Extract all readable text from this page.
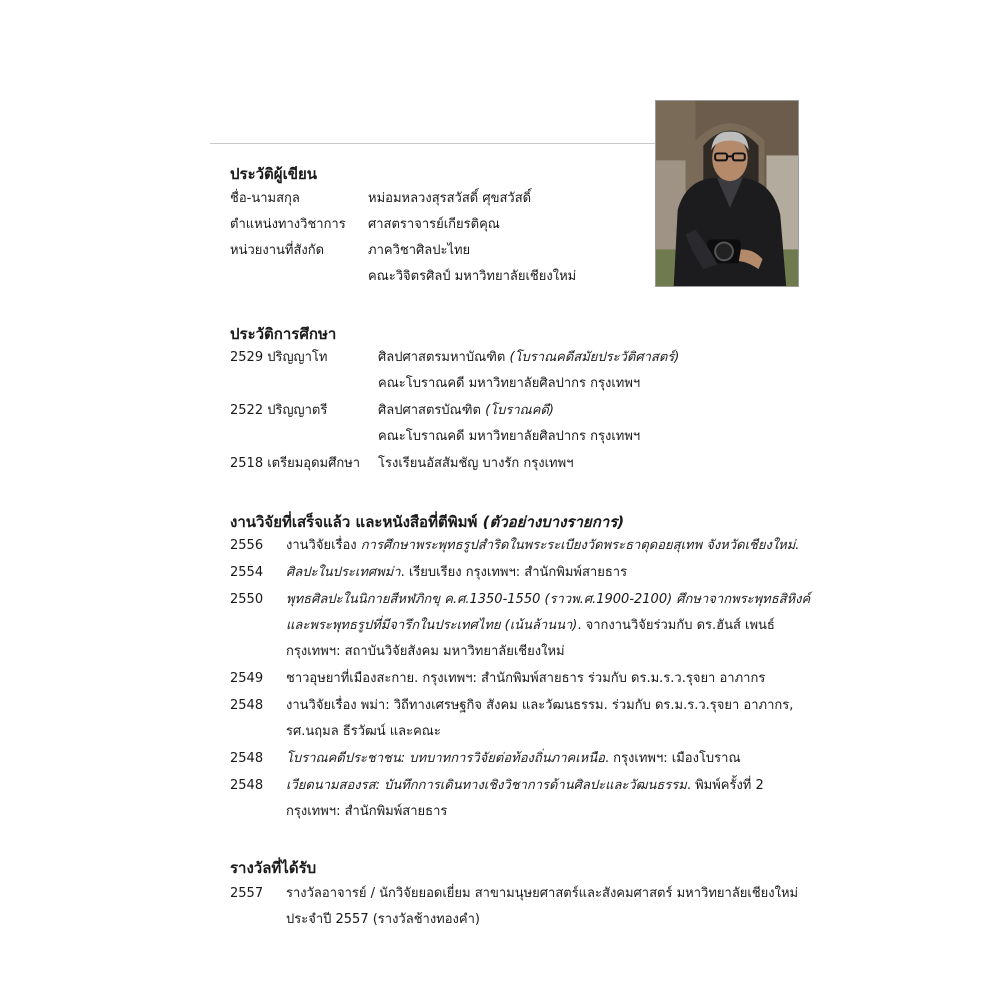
ประวัติผู้เขียน
ชื่อ-นามสกุล	หม่อมหลวงสุรสวัสดิ์ ศุขสวัสดิ์
ตำแหน่งทางวิชาการ ศาสตราจารย์เกียรติคุณ
หน่วยงานที่สังกัด	ภาควิชาศิลปะไทย
คณะวิจิตรศิลป์ มหาวิทยาลัยเชียงใหม่
ประวัติการศึกษา
2529 ปริญญาโท	ศิลปศาสตรมหาบัณฑิต (โบราณคดีสมัยประวัติศาสตร์)
คณะโบราณคดี มหาวิทยาลัยศิลปากร กรุงเทพฯ
2522 ปริญญาตรี	ศิลปศาสตรบัณฑิต (โบราณคดี)
คณะโบราณคดี มหาวิทยาลัยศิลปากร กรุงเทพฯ
2518 เตรียมอุดมศึกษา โรงเรียนอัสสัมชัญ บางรัก กรุงเทพฯ
งานวิจัยที่เสร็จแล้ว และหนังสือที่ตีพิมพ์ (ตัวอย่างบางรายการ)
2556 งานวิจัยเรื่อง การศึกษาพระพุทธรูปสำริดในพระระเบียงวัดพระธาตุดอยสุเทพ จังหวัดเชียงใหม่.
2554 ศิลปะในประเทศพม่า. เรียบเรียง กรุงเทพฯ: สำนักพิมพ์สายธาร
2550 พุทธศิลปะในนิกายสีหฬภิกขุ ค.ศ.1350-1550 (ราวพ.ศ.1900-2100) ศึกษาจากพระพุทธสิหิงค์
และพระพุทธรูปที่มีจารึกในประเทศไทย (เน้นล้านนา). จากงานวิจัยร่วมกับ ดร.ฮันส์ เพนธ์
กรุงเทพฯ: สถาบันวิจัยสังคม มหาวิทยาลัยเชียงใหม่
2549 ชาวอุษยาที่เมืองสะกาย. กรุงเทพฯ: สำนักพิมพ์สายธาร ร่วมกับ ดร.ม.ร.ว.รุจยา อาภากร
2548 งานวิจัยเรื่อง พม่า: วิถีทางเศรษฐกิจ สังคม และวัฒนธรรม. ร่วมกับ ดร.ม.ร.ว.รุจยา อาภากร,
รศ.นฤมล ธีรวัฒน์ และคณะ
2548 โบราณคดีประชาชน: บทบาทการวิจัยต่อท้องถิ่นภาคเหนือ. กรุงเทพฯ: เมืองโบราณ
2548 เวียดนามสองรส: บันทึกการเดินทางเชิงวิชาการด้านศิลปะและวัฒนธรรม. พิมพ์ครั้งที่ 2
กรุงเทพฯ: สำนักพิมพ์สายธาร
รางวัลที่ได้รับ
2557 รางวัลอาจารย์ / นักวิจัยยอดเยี่ยม สาขามนุษยศาสตร์และสังคมศาสตร์ มหาวิทยาลัยเชียงใหม่
ประจำปี 2557 (รางวัลช้างทองคำ)
